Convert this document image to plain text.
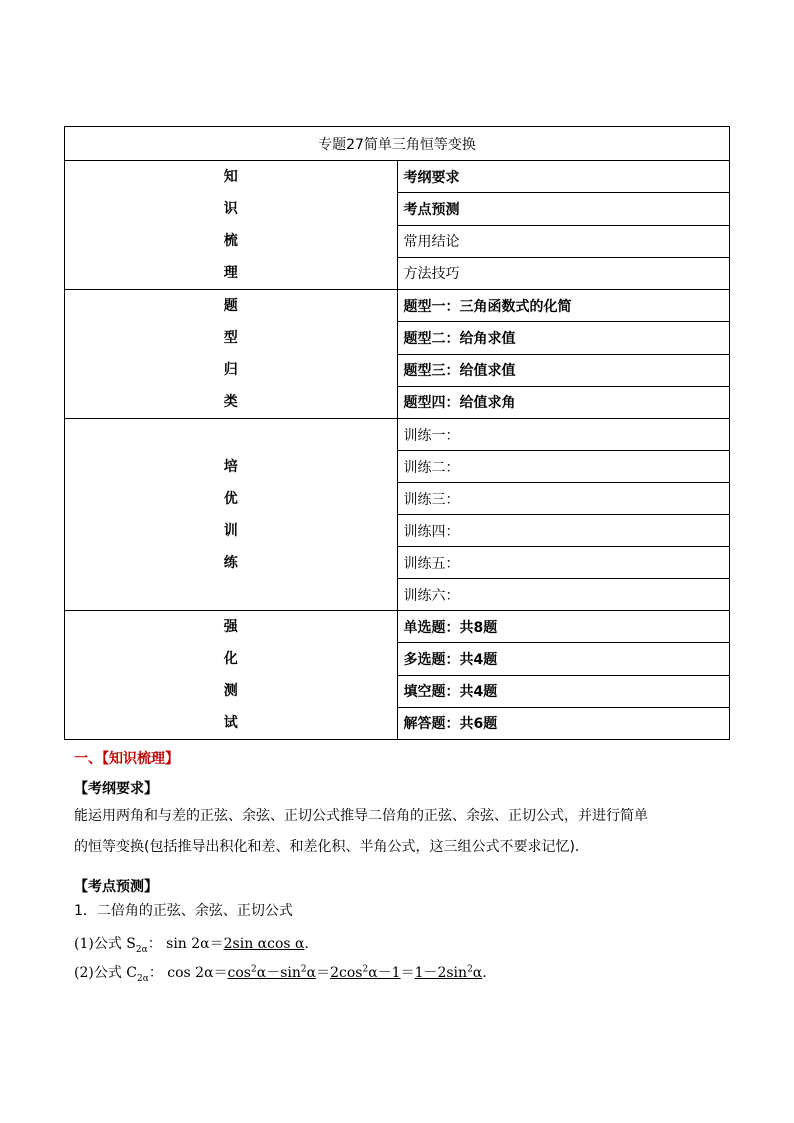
专题27简单三角恒等变换	

知
识
梳
理	考纲要求
	考点预测
	常用结论
	方法技巧

题
型
归
类	题型一：三角函数式的化简
	题型二：给角求值
	题型三：给值求值
	题型四：给值求角

培
优
训
练	训练一：
	训练二：
	训练三：
	训练四：
	训练五：
	训练六：

强
化
测
试	单选题：共8题
	多选题：共4题
	填空题：共4题
	解答题：共6题
一、【知识梳理】
【考纲要求】
能运用两角和与差的正弦、余弦、正切公式推导二倍角的正弦、余弦、正切公式，并进行简单
的恒等变换(包括推导出积化和差、和差化积、半角公式，这三组公式不要求记忆).
【考点预测】
1．二倍角的正弦、余弦、正切公式
(1)公式 $S_{2\alpha}$： sin 2α＝2sin αcos α.
(2)公式 $C_{2\alpha}$： $\cos 2\alpha=\cos^2\alpha-\sin^2\alpha=2\cos^2\alpha-1=1-2\sin^2\alpha$.
